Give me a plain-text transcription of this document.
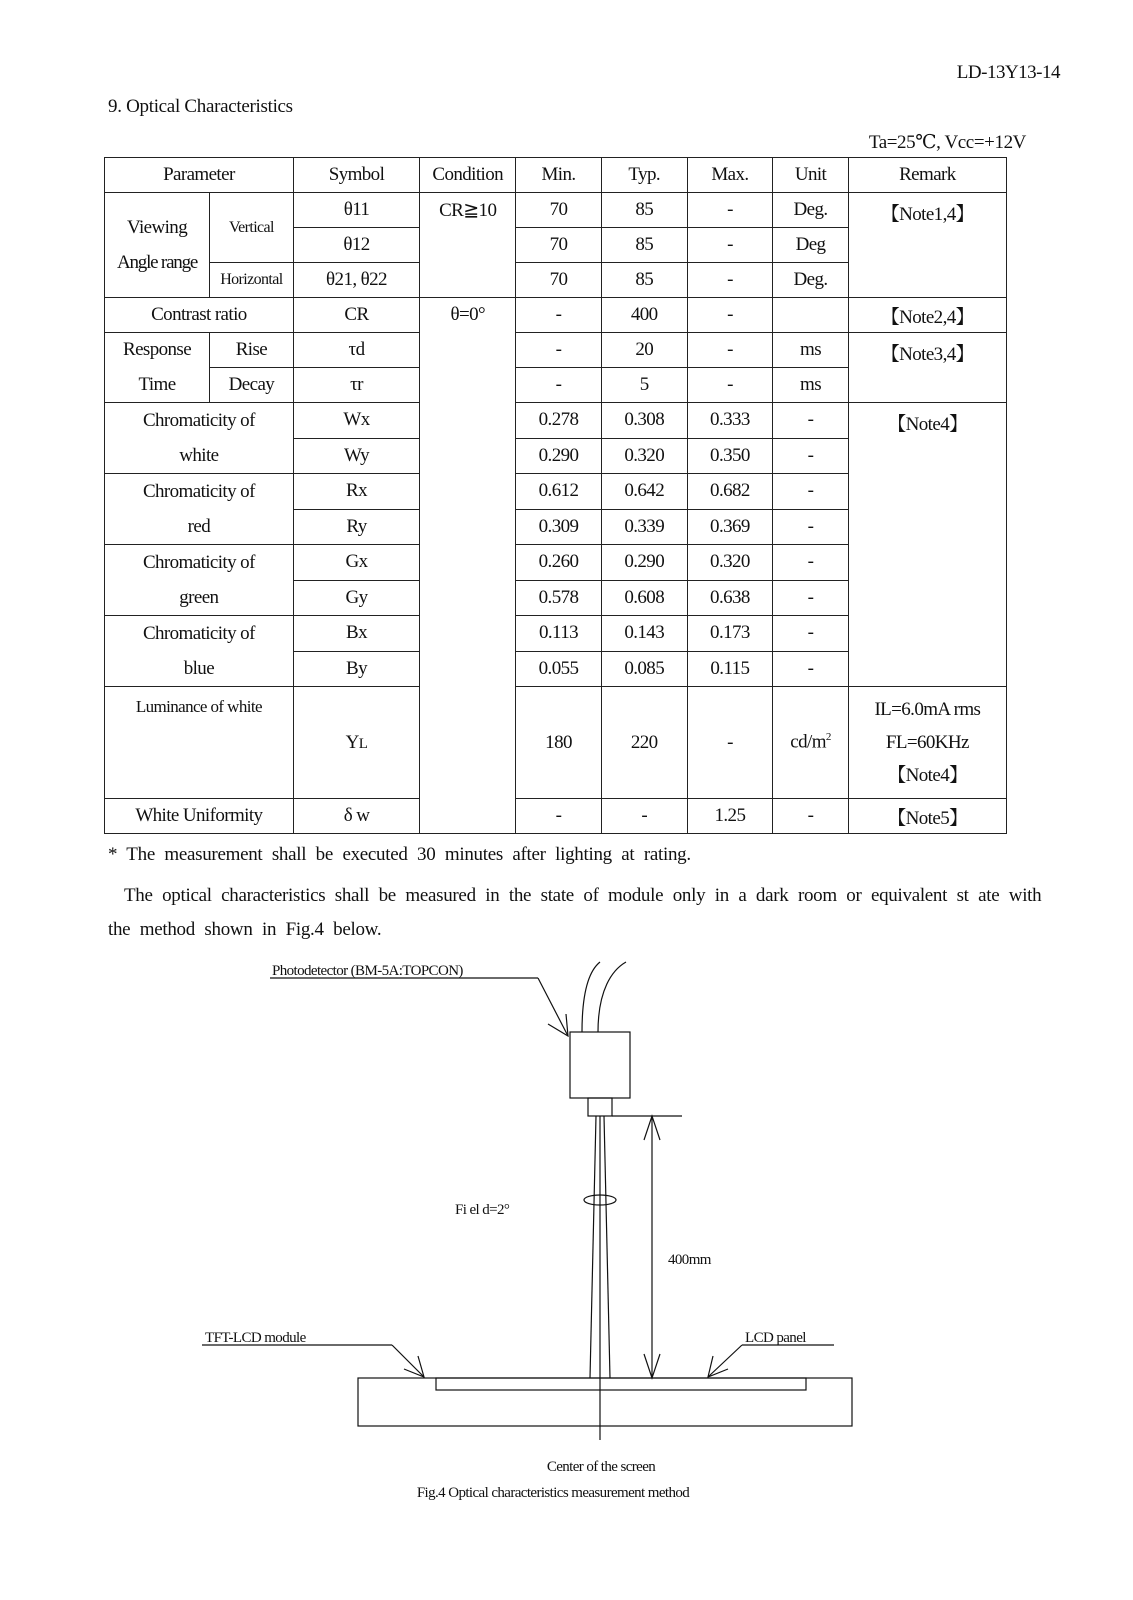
LD-13Y13-14
9. Optical Characteristics
Ta=25℃, Vcc=+12V
Parameter		Symbol	Condition	Min.	Typ.	Max.	Unit	Remark

Viewing
Angle range	Vertical	θ11	CR≧10	70	85	-	Deg.	【Note1,4】
		θ12		70	85	-	Deg	
	Horizontal	θ21, θ22		70	85	-	Deg.	
Contrast ratio		CR	θ=0°	-	400	-		【Note2,4】
Response	Rise	τd		-	20	-	ms	【Note3,4】
Time	Decay	τr		-	5	-	ms	

Chromaticity of
white		Wx		0.278	0.308	0.333	-	【Note4】
		Wy		0.290	0.320	0.350	-	

Chromaticity of
red		Rx		0.612	0.642	0.682	-	
		Ry		0.309	0.339	0.369	-	

Chromaticity of
green		Gx		0.260	0.290	0.320	-	
		Gy		0.578	0.608	0.638	-	

Chromaticity of
blue		Bx		0.113	0.143	0.173	-	
		By		0.055	0.085	0.115	-	
Luminance of white		YL		180	220	-	$cd/m^2$	IL=6.0mA rms
FL=60KHz
【Note4】

White Uniformity		δ w		-	-	1.25	-	【Note5】
* The measurement shall be executed 30 minutes after lighting at rating.
The optical characteristics shall be measured in the state of module only in a dark room or equivalent st ate with the method shown in Fig.4 below.
Photodetector (BM-5A:TOPCON)
Fi el d=2°
400mm
TFT-LCD module	LCD panel
Center of the screen
Fig.4 Optical characteristics measurement method
